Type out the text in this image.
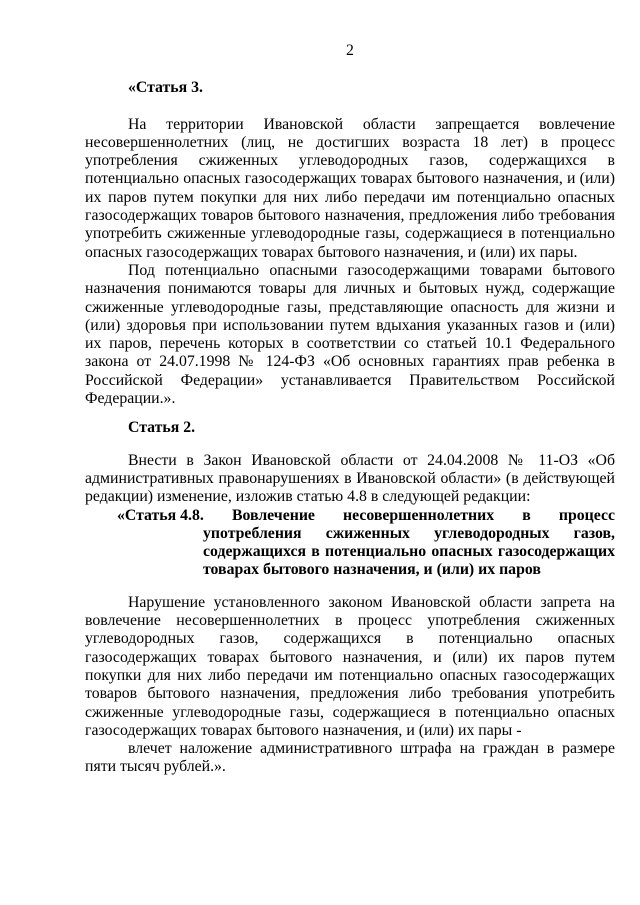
2

«Статья 3.

На территории Ивановской области запрещается вовлечение несовершеннолетних (лиц, не достигших возраста 18 лет) в процесс употребления сжиженных углеводородных газов, содержащихся в потенциально опасных газосодержащих товарах бытового назначения, и (или) их паров путем покупки для них либо передачи им потенциально опасных газосодержащих товаров бытового назначения, предложения либо требования употребить сжиженные углеводородные газы, содержащиеся в потенциально опасных газосодержащих товарах бытового назначения, и (или) их пары.

Под потенциально опасными газосодержащими товарами бытового назначения понимаются товары для личных и бытовых нужд, содержащие сжиженные углеводородные газы, представляющие опасность для жизни и (или) здоровья при использовании путем вдыхания указанных газов и (или) их паров, перечень которых в соответствии со статьей 10.1 Федерального закона от 24.07.1998 № 124-ФЗ «Об основных гарантиях прав ребенка в Российской Федерации» устанавливается Правительством Российской Федерации.».

Статья 2.

Внести в Закон Ивановской области от 24.04.2008 № 11-ОЗ «Об административных правонарушениях в Ивановской области» (в действующей редакции) изменение, изложив статью 4.8 в следующей редакции:

«Статья 4.8. Вовлечение несовершеннолетних в процесс употребления сжиженных углеводородных газов, содержащихся в потенциально опасных газосодержащих товарах бытового назначения, и (или) их паров

Нарушение установленного законом Ивановской области запрета на вовлечение несовершеннолетних в процесс употребления сжиженных углеводородных газов, содержащихся в потенциально опасных газосодержащих товарах бытового назначения, и (или) их паров путем покупки для них либо передачи им потенциально опасных газосодержащих товаров бытового назначения, предложения либо требования употребить сжиженные углеводородные газы, содержащиеся в потенциально опасных газосодержащих товарах бытового назначения, и (или) их пары -

влечет наложение административного штрафа на граждан в размере пяти тысяч рублей.».
